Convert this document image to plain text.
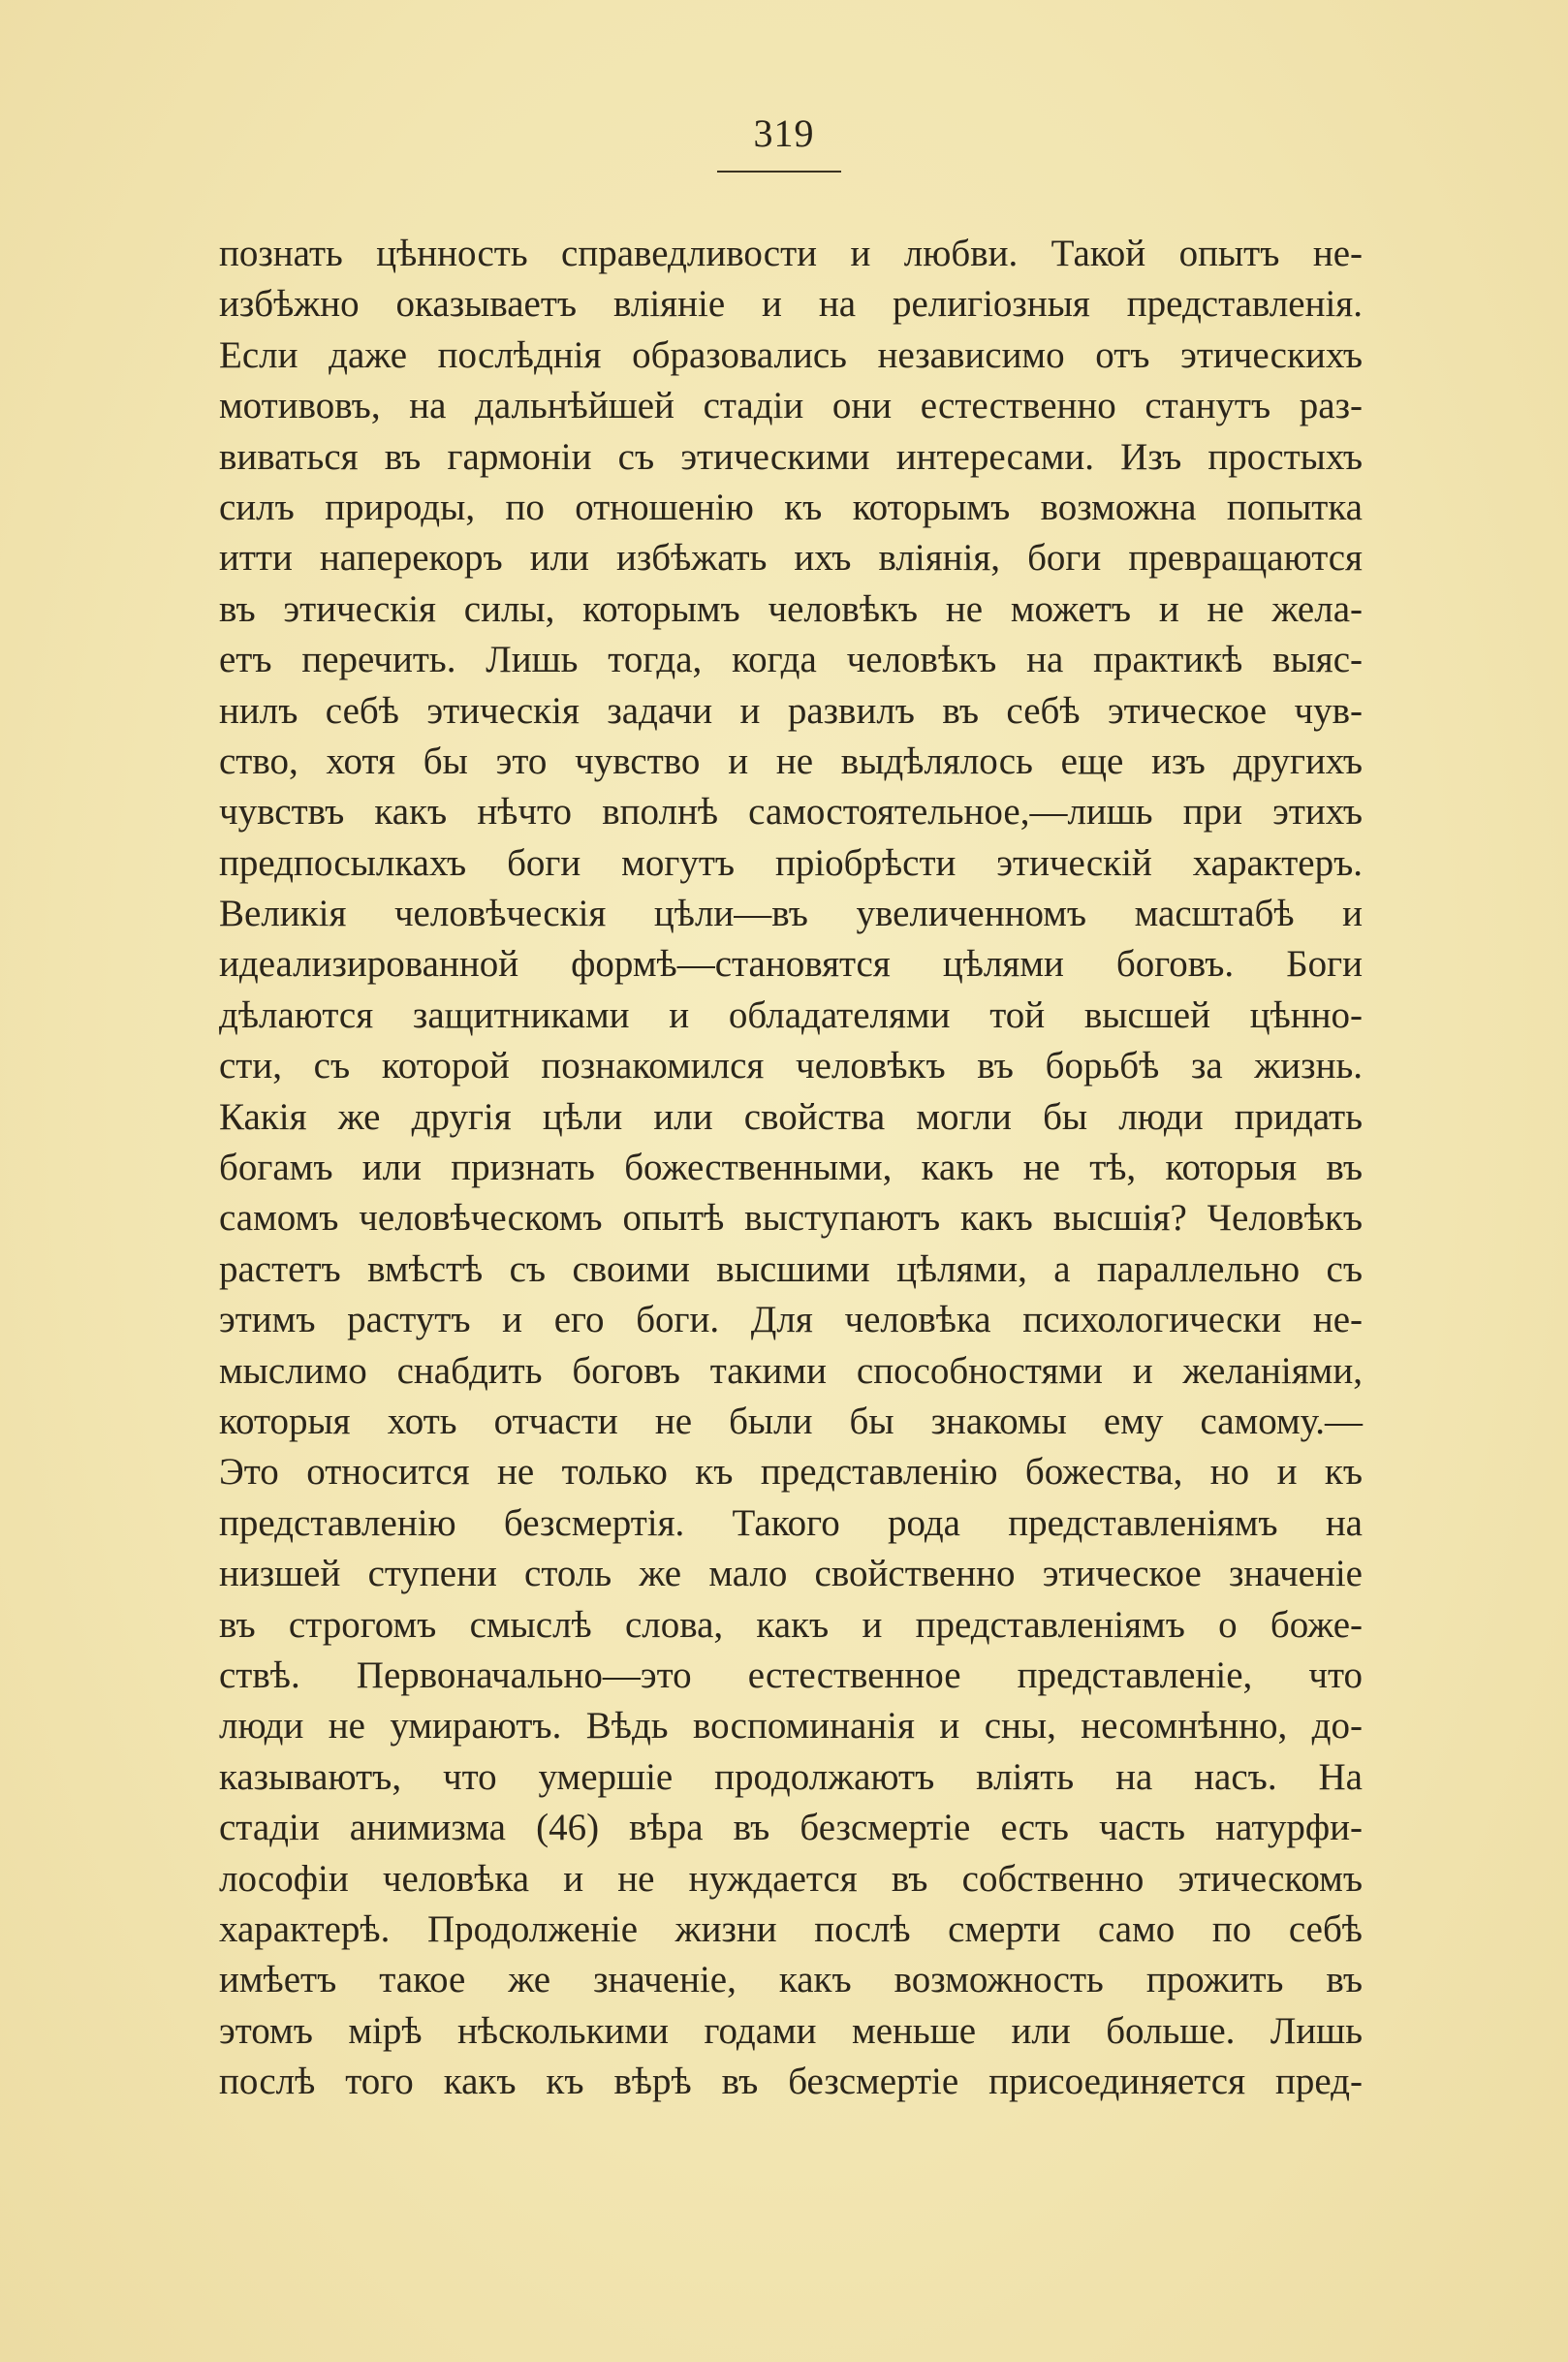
319
познать цѣнность справедливости и любви. Такой опытъ не-
избѣжно оказываетъ вліяніе и на религіозныя представленія.
Если даже послѣднія образовались независимо отъ этическихъ
мотивовъ, на дальнѣйшей стадіи они естественно станутъ раз-
виваться въ гармоніи съ этическими интересами. Изъ простыхъ
силъ природы, по отношенію къ которымъ возможна попытка
итти наперекоръ или избѣжать ихъ вліянія, боги превращаются
въ этическія силы, которымъ человѣкъ не можетъ и не жела-
етъ перечить. Лишь тогда, когда человѣкъ на практикѣ выяс-
нилъ себѣ этическія задачи и развилъ въ себѣ этическое чув-
ство, хотя бы это чувство и не выдѣлялось еще изъ другихъ
чувствъ какъ нѣчто вполнѣ самостоятельное,—лишь при этихъ
предпосылкахъ боги могутъ пріобрѣсти этическій характеръ.
Великія человѣческія цѣли—въ увеличенномъ масштабѣ и
идеализированной формѣ—становятся цѣлями боговъ. Боги
дѣлаются защитниками и обладателями той высшей цѣнно-
сти, съ которой познакомился человѣкъ въ борьбѣ за жизнь.
Какія же другія цѣли или свойства могли бы люди придать
богамъ или признать божественными, какъ не тѣ, которыя въ
самомъ человѣческомъ опытѣ выступаютъ какъ высшія? Человѣкъ
растетъ вмѣстѣ съ своими высшими цѣлями, а параллельно съ
этимъ растутъ и его боги. Для человѣка психологически не-
мыслимо снабдить боговъ такими способностями и желаніями,
которыя хоть отчасти не были бы знакомы ему самому.—
Это относится не только къ представленію божества, но и къ
представленію безсмертія. Такого рода представленіямъ на
низшей ступени столь же мало свойственно этическое значеніе
въ строгомъ смыслѣ слова, какъ и представленіямъ о боже-
ствѣ. Первоначально—это естественное представленіе, что
люди не умираютъ. Вѣдь воспоминанія и сны, несомнѣнно, до-
казываютъ, что умершіе продолжаютъ вліять на насъ. На
стадіи анимизма (46) вѣра въ безсмертіе есть часть натурфи-
лософіи человѣка и не нуждается въ собственно этическомъ
характерѣ. Продолженіе жизни послѣ смерти само по себѣ
имѣетъ такое же значеніе, какъ возможность прожить въ
этомъ мірѣ нѣсколькими годами меньше или больше. Лишь
послѣ того какъ къ вѣрѣ въ безсмертіе присоединяется пред-
